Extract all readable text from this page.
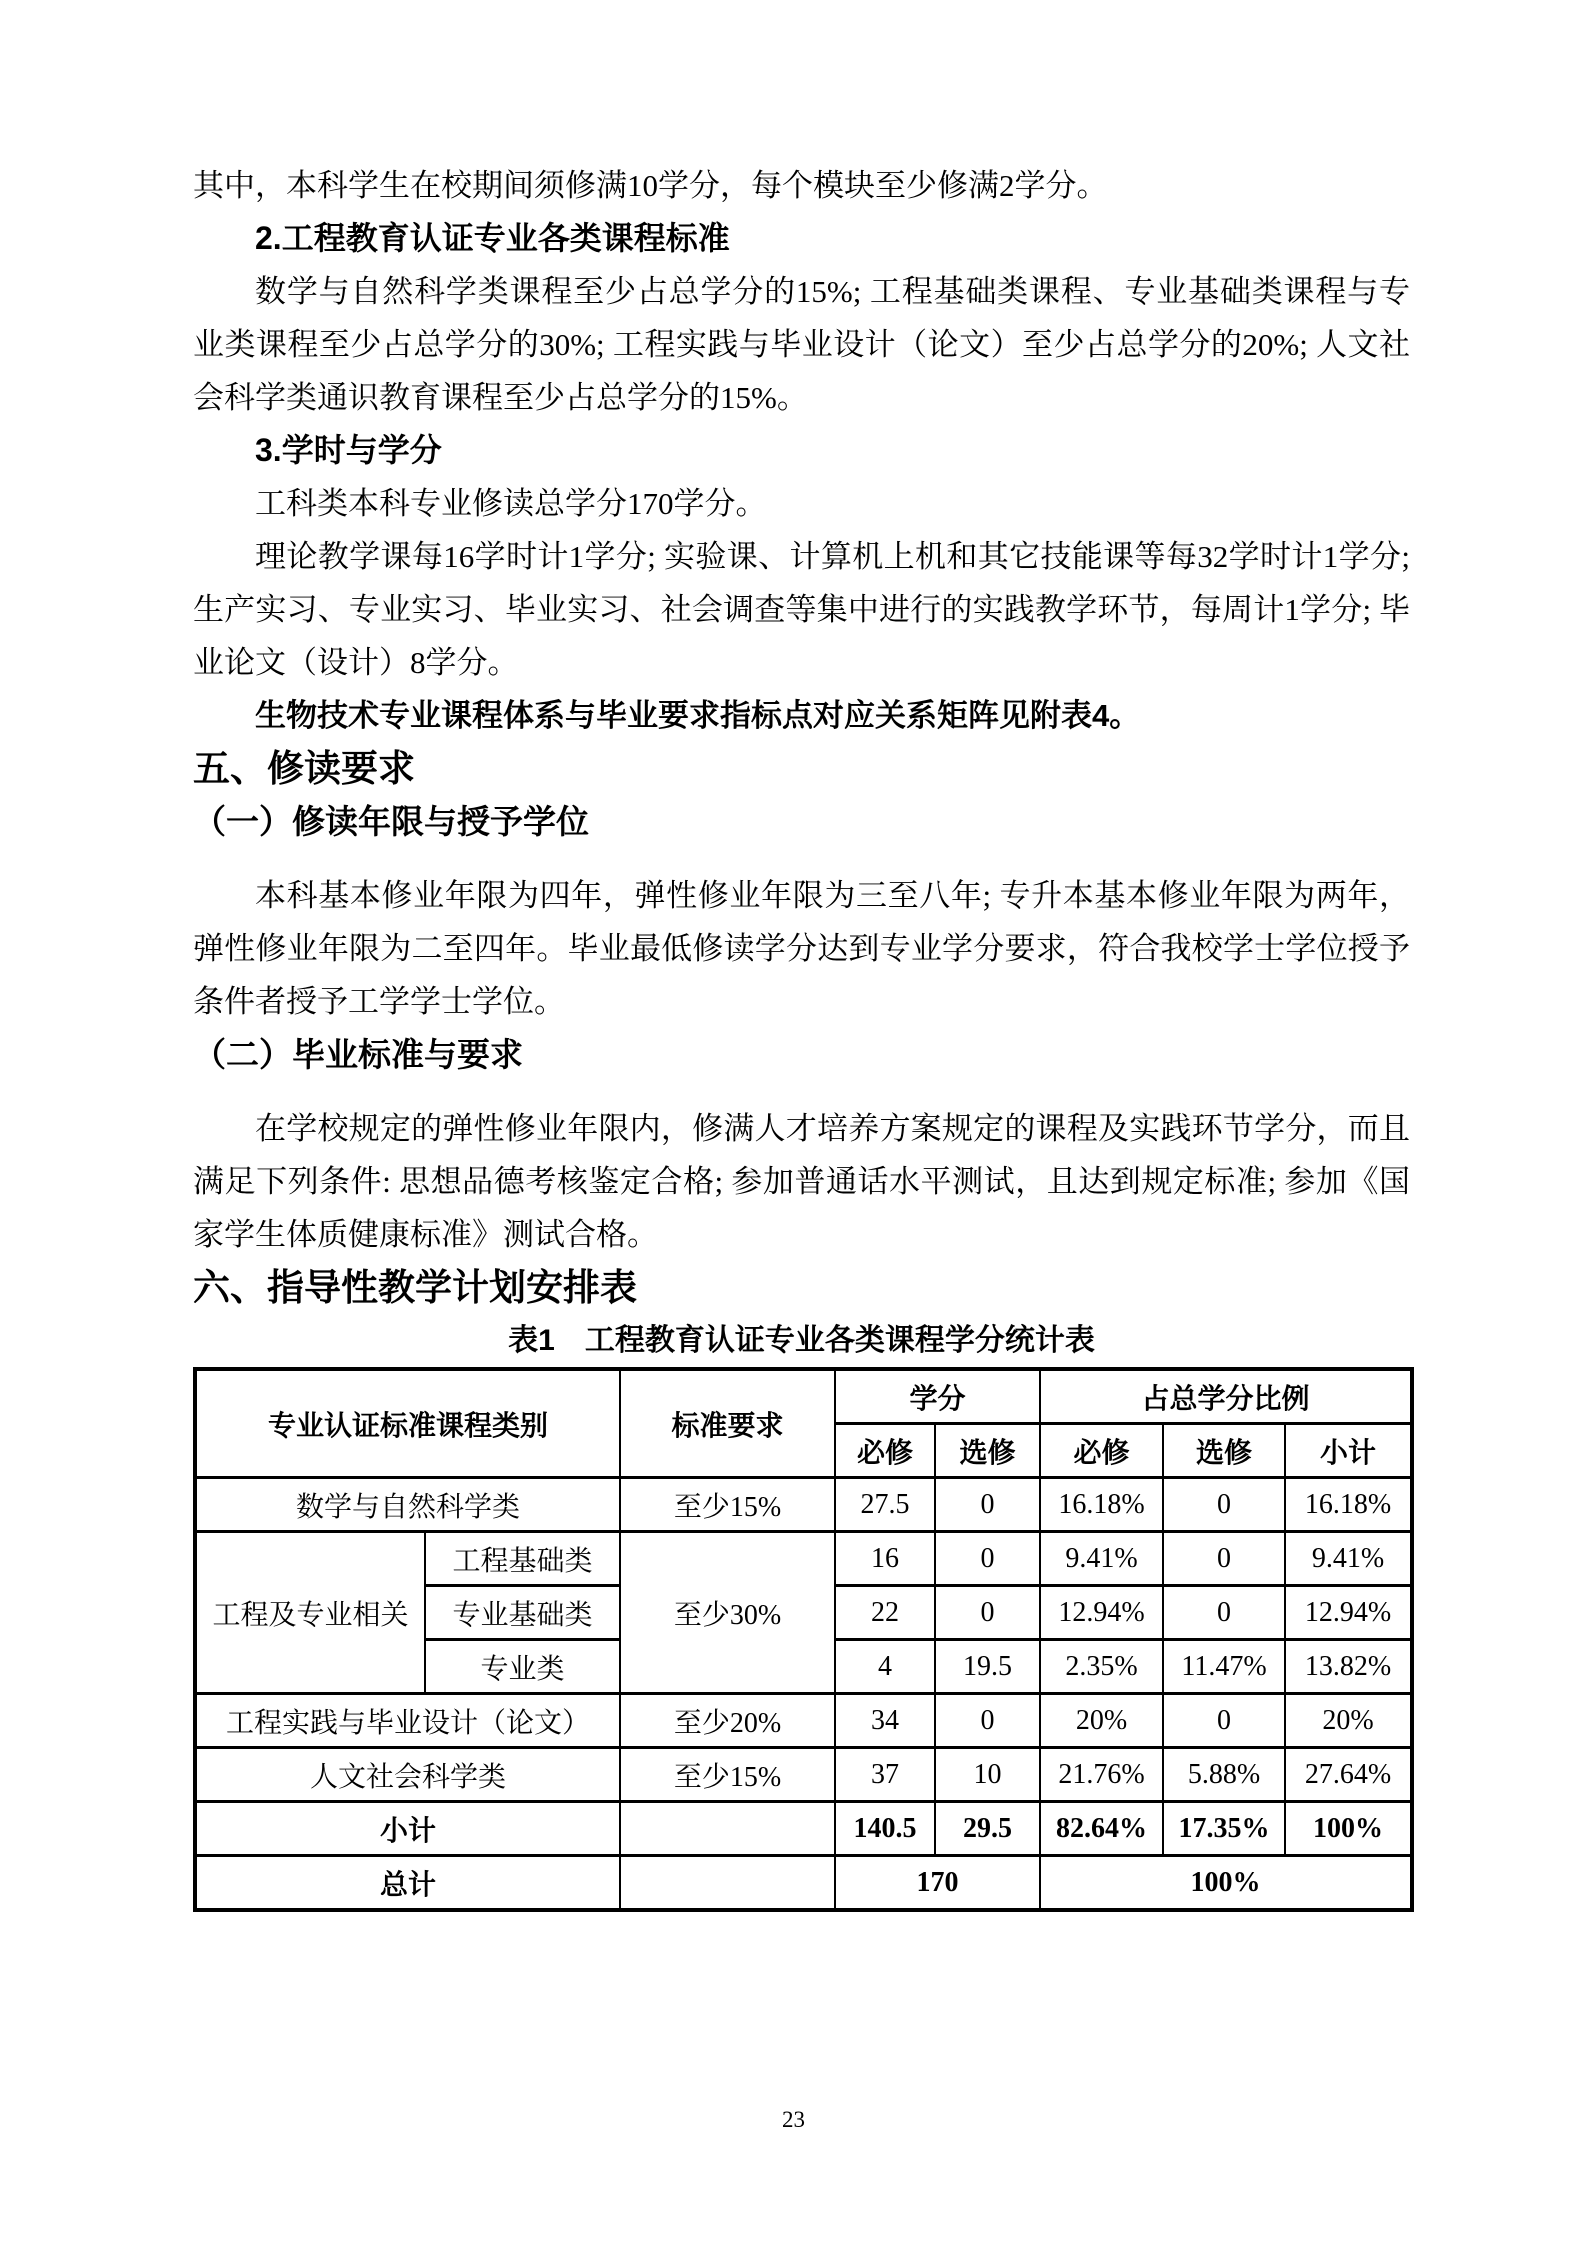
其中，本科学生在校期间须修满10学分，每个模块至少修满2学分。

2.工程教育认证专业各类课程标准

数学与自然科学类课程至少占总学分的15%; 工程基础类课程、专业基础类课程与专业类课程至少占总学分的30%; 工程实践与毕业设计（论文）至少占总学分的20%; 人文社会科学类通识教育课程至少占总学分的15%。

3.学时与学分

工科类本科专业修读总学分170学分。

理论教学课每16学时计1学分; 实验课、计算机上机和其它技能课等每32学时计1学分; 生产实习、专业实习、毕业实习、社会调查等集中进行的实践教学环节，每周计1学分; 毕业论文（设计）8学分。

生物技术专业课程体系与毕业要求指标点对应关系矩阵见附表4。

五、修读要求

（一）修读年限与授予学位

本科基本修业年限为四年，弹性修业年限为三至八年; 专升本基本修业年限为两年，弹性修业年限为二至四年。毕业最低修读学分达到专业学分要求，符合我校学士学位授予条件者授予工学学士学位。

（二）毕业标准与要求

在学校规定的弹性修业年限内，修满人才培养方案规定的课程及实践环节学分，而且满足下列条件: 思想品德考核鉴定合格; 参加普通话水平测试，且达到规定标准; 参加《国家学生体质健康标准》测试合格。

六、指导性教学计划安排表

表1　工程教育认证专业各类课程学分统计表

专业认证标准课程类别		标准要求	学分		占总学分比例		
			必修	选修	必修	选修	小计
数学与自然科学类		至少15%	27.5	0	16.18%	0	16.18%
工程及专业相关	工程基础类	至少30%	16	0	9.41%	0	9.41%
	专业基础类		22	0	12.94%	0	12.94%
	专业类		4	19.5	2.35%	11.47%	13.82%
工程实践与毕业设计（论文）		至少20%	34	0	20%	0	20%
人文社会科学类		至少15%	37	10	21.76%	5.88%	27.64%
小计			140.5	29.5	82.64%	17.35%	100%
总计			170		100%		
23
